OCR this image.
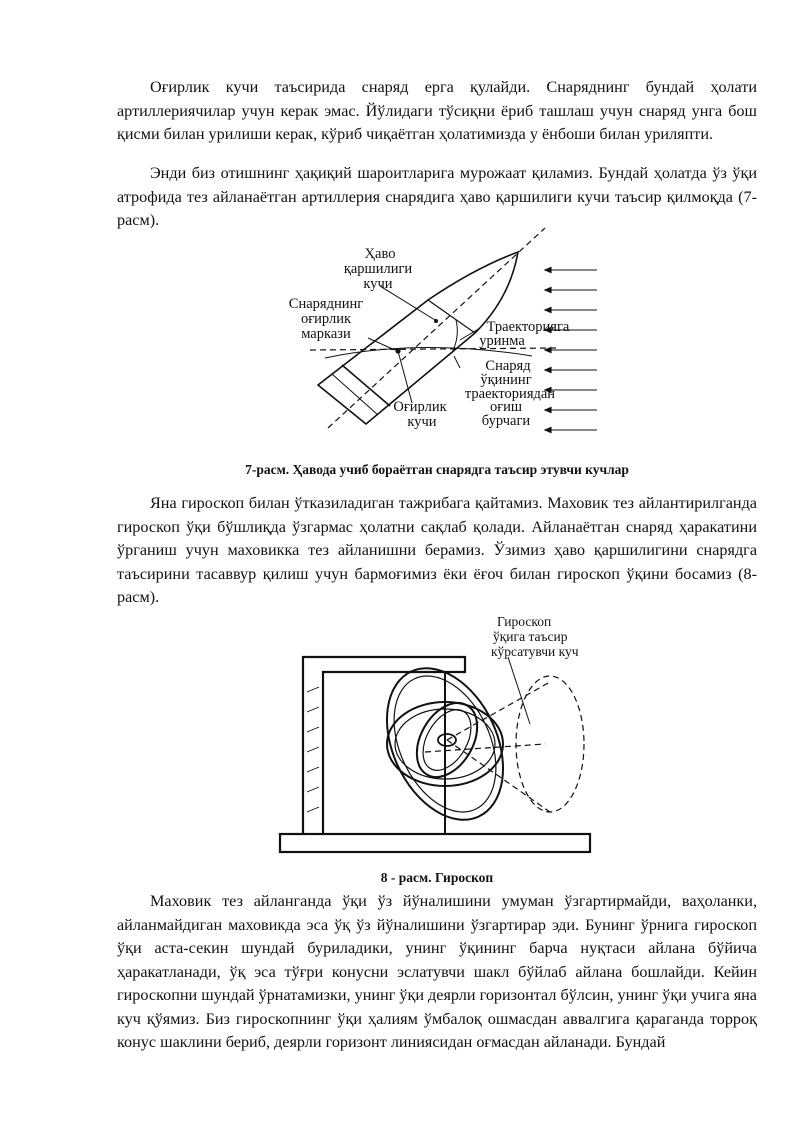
Оғирлик кучи таъсирида снаряд ерга қулайди. Снаряднинг бундай ҳолати артиллериячилар учун керак эмас. Йўлидаги тўсиқни ёриб ташлаш учун снаряд унга бош қисми билан урилиши керак, кўриб чиқаётган ҳолатимизда у ёнбоши билан уриляпти.

Энди биз отишнинг ҳақиқий шароитларига мурожаат қиламиз. Бундай ҳолатда ўз ўқи атрофида тез айланаётган артиллерия снарядига ҳаво қаршилиги кучи таъсир қилмоқда (7-расм).

Ҳаво
қаршилиги
кучи
Снаряднинг
оғирлик
маркази	Траекторияга
уринма
Снаряд
ўқининг
траекториядан
оғиш
бурчаги
Оғирлик
кучи

7-расм. Ҳавода учиб бораётган снарядга таъсир этувчи кучлар

Яна гироскоп билан ўтказиладиган тажрибага қайтамиз. Маховик тез айлантирилганда гироскоп ўқи бўшлиқда ўзгармас ҳолатни сақлаб қолади. Айланаётган снаряд ҳаракатини ўрганиш учун маховикка тез айланишни берамиз. Ўзимиз ҳаво қаршилигини снарядга таъсирини тасаввур қилиш учун бармоғимиз ёки ёғоч билан гироскоп ўқини босамиз (8-расм).

Гироскоп
ўқига таъсир
кўрсатувчи куч

8 - расм. Гироскоп

Маховик тез айланганда ўқи ўз йўналишини умуман ўзгартирмайди, ваҳоланки, айланмайдиган маховикда эса ўқ ўз йўналишини ўзгартирар эди. Бунинг ўрнига гироскоп ўқи аста-секин шундай буриладики, унинг ўқининг барча нуқтаси айлана бўйича ҳаракатланади, ўқ эса тўғри конусни эслатувчи шакл бўйлаб айлана бошлайди. Кейин гироскопни шундай ўрнатамизки, унинг ўқи деярли горизонтал бўлсин, унинг ўқи учига яна куч қўямиз. Биз гироскопнинг ўқи ҳалиям ўмбалоқ ошмасдан аввалгига қараганда торроқ конус шаклини бериб, деярли горизонт линиясидан оғмасдан айланади. Бундай
